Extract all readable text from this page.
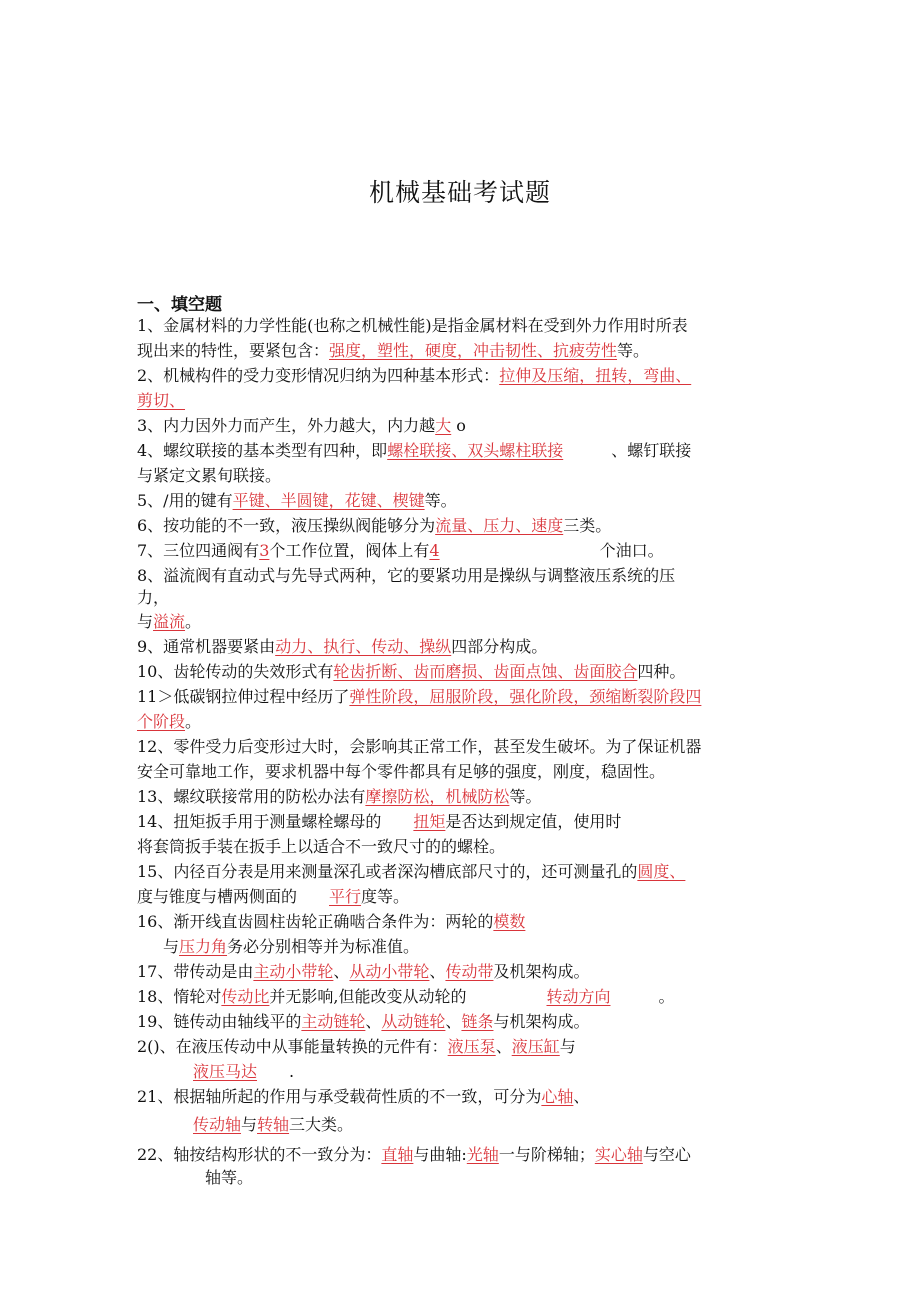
机械基础考试题
一、填空题
1、金属材料的力学性能(也称之机械性能)是指金属材料在受到外力作用时所表
现出来的特性，要紧包含：强度，塑性，硬度，冲击韧性、抗疲劳性等。
2、机械构件的受力变形情况归纳为四种基本形式：拉伸及压缩，扭转，弯曲、
剪切、
3、内力因外力而产生，外力越大，内力越大 o
4、螺纹联接的基本类型有四种，即螺栓联接、双头螺柱联接　　　、螺钉联接
与紧定文累旬联接。
5、/用的键有平键、半圆键，花键、楔键等。
6、按功能的不一致，液压操纵阀能够分为流量、压力、速度三类。
7、三位四通阀有3个工作位置，阀体上有4　　　　　　　　　　个油口。
8、溢流阀有直动式与先导式两种，它的要紧功用是操纵与调整液压系统的压
力，
与溢流。
9、通常机器要紧由动力、执行、传动、操纵四部分构成。
10、齿轮传动的失效形式有轮齿折断、齿而磨损、齿面点蚀、齿面胶合四种。
11＞低碳钢拉伸过程中经历了弹性阶段，屈服阶段，强化阶段，颈缩断裂阶段四
个阶段。
12、零件受力后变形过大时，会影响其正常工作，甚至发生破坏。为了保证机器
安全可靠地工作，要求机器中每个零件都具有足够的强度，刚度，稳固性。
13、螺纹联接常用的防松办法有摩擦防松，机械防松等。
14、扭矩扳手用于测量螺栓螺母的　　扭矩是否达到规定值，使用时
将套筒扳手装在扳手上以适合不一致尺寸的的螺栓。
15、内径百分表是用来测量深孔或者深沟槽底部尺寸的，还可测量孔的圆度、
度与锥度与槽两侧面的　　平行度等。
16、渐开线直齿圆柱齿轮正确啮合条件为：两轮的模数
与压力角务必分别相等并为标准值。
17、带传动是由主动小带轮、从动小带轮、传动带及机架构成。
18、惰轮对传动比并无影响,但能改变从动轮的　　　　　转动方向　　　。
19、链传动由轴线平的主动链轮、从动链轮、链条与机架构成。
2()、在液压传动中从事能量转换的元件有：液压泵、液压缸与
液压马达　　.
21、根据轴所起的作用与承受载荷性质的不一致，可分为心轴、
传动轴与转轴三大类。
22、轴按结构形状的不一致分为：直轴与曲轴:光轴一与阶梯轴；实心轴与空心
轴等。
